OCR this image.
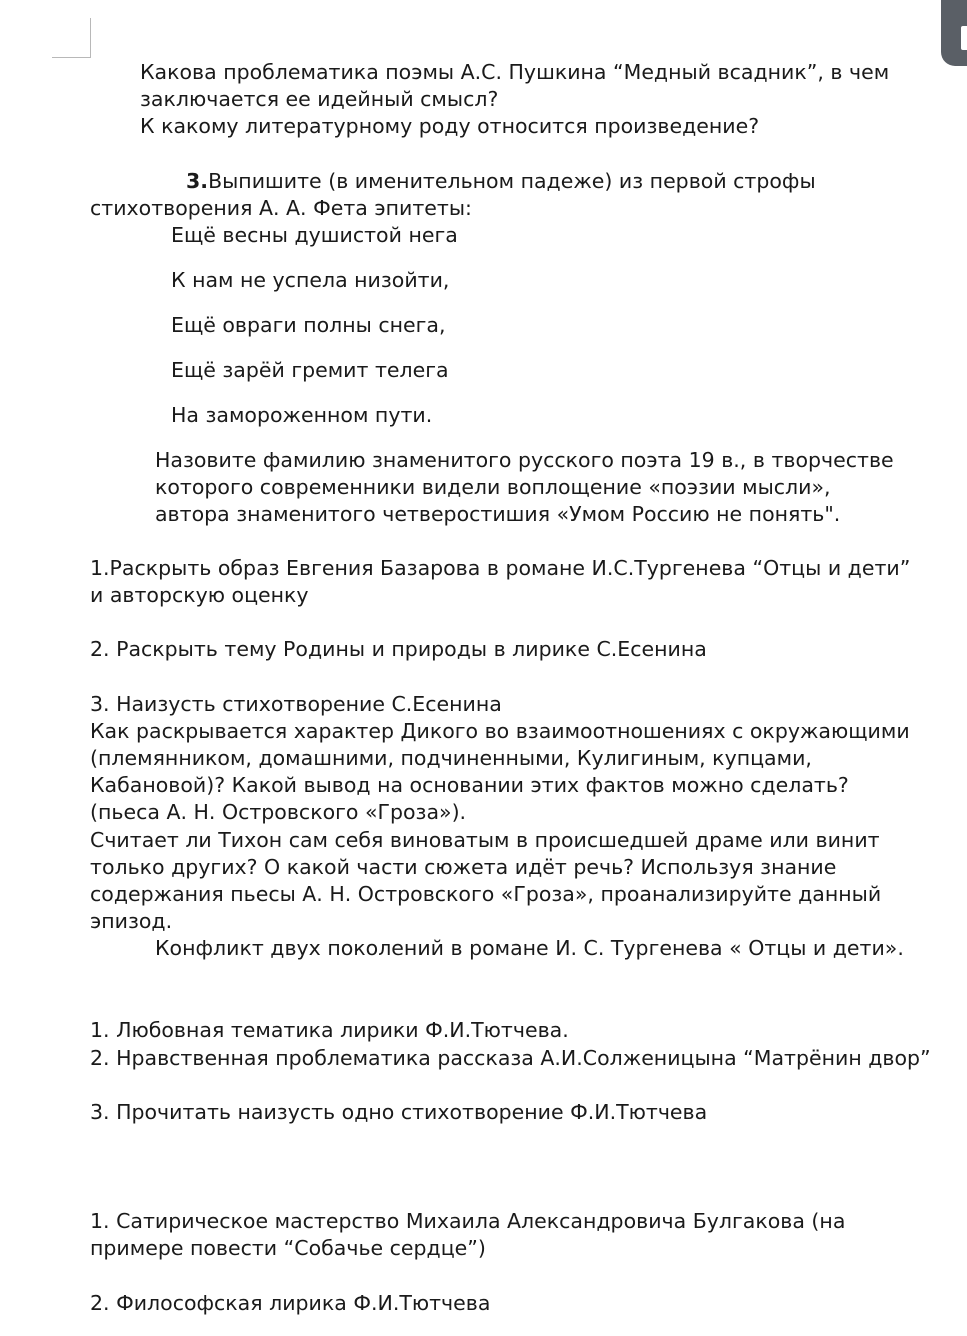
Какова проблематика поэмы А.С. Пушкина “Медный всадник”, в чем

заключается ее идейный смысл?

К какому литературному роду относится произведение?

3.Выпишите (в именительном падеже) из первой строфы

стихотворения А. А. Фета эпитеты:

Ещё весны душистой нега

К нам не успела низойти,

Ещё овраги полны снега,

Ещё зарёй гремит телега

На замороженном пути.

Назовите фамилию знаменитого русского поэта 19 в., в творчестве

которого современники видели воплощение «поэзии мысли»,

автора знаменитого четверостишия «Умом Россию не понять".

1.Раскрыть образ Евгения Базарова в романе И.С.Тургенева “Отцы и дети”

и авторскую оценку

2. Раскрыть тему Родины и природы в лирике С.Есенина

3. Наизусть стихотворение С.Есенина

Как раскрывается характер Дикого во взаимоотношениях с окружающими

(племянником, домашними, подчиненными, Кулигиным, купцами,

Кабановой)? Какой вывод на основании этих фактов можно сделать?

(пьеса А. Н. Островского «Гроза»).

Считает ли Тихон сам себя виноватым в происшедшей драме или винит

только других? О какой части сюжета идёт речь? Используя знание

содержания пьесы А. Н. Островского «Гроза», проанализируйте данный

эпизод.

Конфликт двух поколений в романе И. С. Тургенева « Отцы и дети».

1. Любовная тематика лирики Ф.И.Тютчева.

2. Нравственная проблематика рассказа А.И.Солженицына “Матрёнин двор”

3. Прочитать наизусть одно стихотворение Ф.И.Тютчева

1. Сатирическое мастерство Михаила Александровича Булгакова (на

примере повести “Собачье сердце”)

2. Философская лирика Ф.И.Тютчева
